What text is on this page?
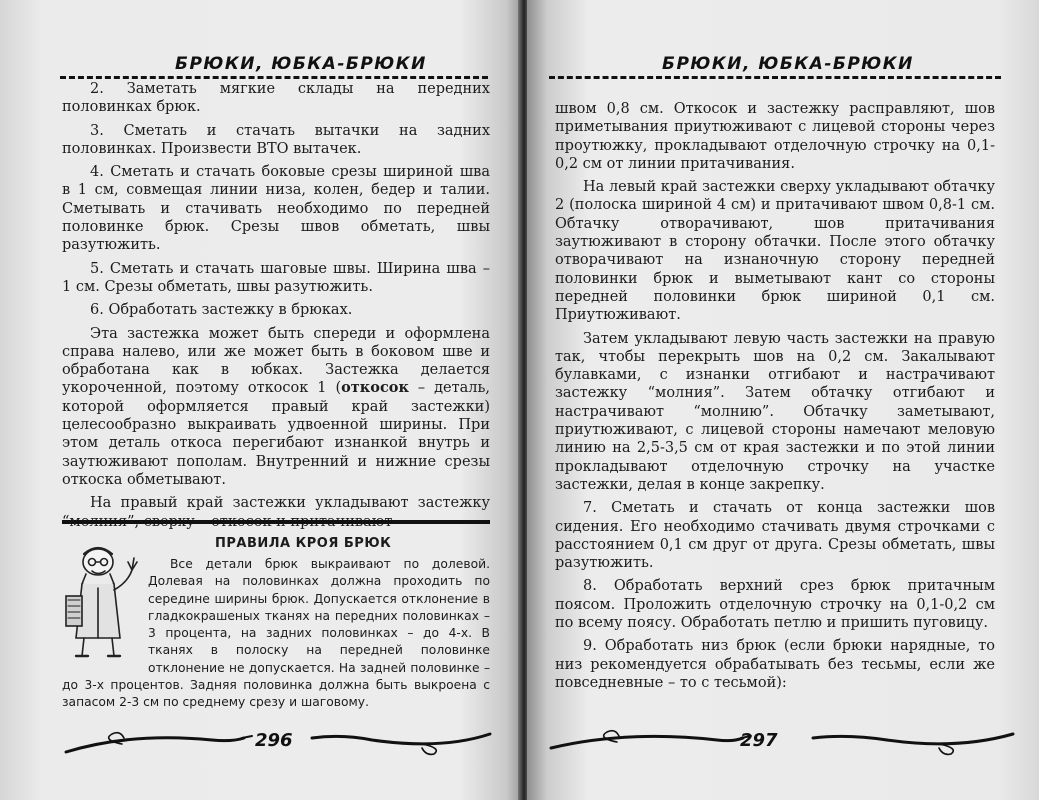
БРЮКИ, ЮБКА-БРЮКИ

2. Заметать мягкие склады на передних половинках брюк.

3. Сметать и стачать вытачки на задних половинках. Произвести ВТО вытачек.

4. Сметать и стачать боковые срезы шириной шва в 1 см, совмещая линии низа, колен, бедер и талии. Сметывать и стачивать необходимо по передней половинке брюк. Срезы швов обметать, швы разутюжить.

5. Сметать и стачать шаговые швы. Ширина шва – 1 см. Срезы обметать, швы разутюжить.

6. Обработать застежку в брюках.

Эта застежка может быть спереди и оформлена справа налево, или же может быть в боковом шве и обработана как в юбках. Застежка делается укороченной, поэтому откосок 1 (откосок – деталь, которой оформляется правый край застежки) целесообразно выкраивать удвоенной ширины. При этом деталь откоса перегибают изнанкой внутрь и заутюживают пополам. Внутренний и нижние срезы откоска обметывают.

На правый край застежки укладывают застежку “молния”, сверху – откосок и притачивают

ПРАВИЛА КРОЯ БРЮК

Все детали брюк выкраивают по долевой. Долевая на половинках должна проходить по середине ширины брюк. Допускается отклонение в гладкокрашеных тканях на передних половинках – 3 процента, на задних половинках – до 4-х. В тканях в полоску на передней половинке отклонение не допускается. На задней половинке – до 3-х процентов. Задняя половинка должна быть выкроена с запасом 2-3 см по среднему срезу и шаговому.

296
БРЮКИ, ЮБКА-БРЮКИ

швом 0,8 см. Откосок и застежку расправляют, шов приметывания приутюживают с лицевой стороны через проутюжку, прокладывают отделочную строчку на 0,1-0,2 см от линии притачивания.

На левый край застежки сверху укладывают обтачку 2 (полоска шириной 4 см) и притачивают швом 0,8-1 см. Обтачку отворачивают, шов притачивания заутюживают в сторону обтачки. После этого обтачку отворачивают на изнаночную сторону передней половинки брюк и выметывают кант со стороны передней половинки брюк шириной 0,1 см. Приутюживают.

Затем укладывают левую часть застежки на правую так, чтобы перекрыть шов на 0,2 см. Закалывают булавками, с изнанки отгибают и настрачивают застежку “молния”. Затем обтачку отгибают и настрачивают “молнию”. Обтачку заметывают, приутюживают, с лицевой стороны намечают меловую линию на 2,5-3,5 см от края застежки и по этой линии прокладывают отделочную строчку на участке застежки, делая в конце закрепку.

7. Сметать и стачать от конца застежки шов сидения. Его необходимо стачивать двумя строчками с расстоянием 0,1 см друг от друга. Срезы обметать, швы разутюжить.

8. Обработать верхний срез брюк притачным поясом. Проложить отделочную строчку на 0,1-0,2 см по всему поясу. Обработать петлю и пришить пуговицу.

9. Обработать низ брюк (если брюки нарядные, то низ рекомендуется обрабатывать без тесьмы, если же повседневные – то с тесьмой):

297
